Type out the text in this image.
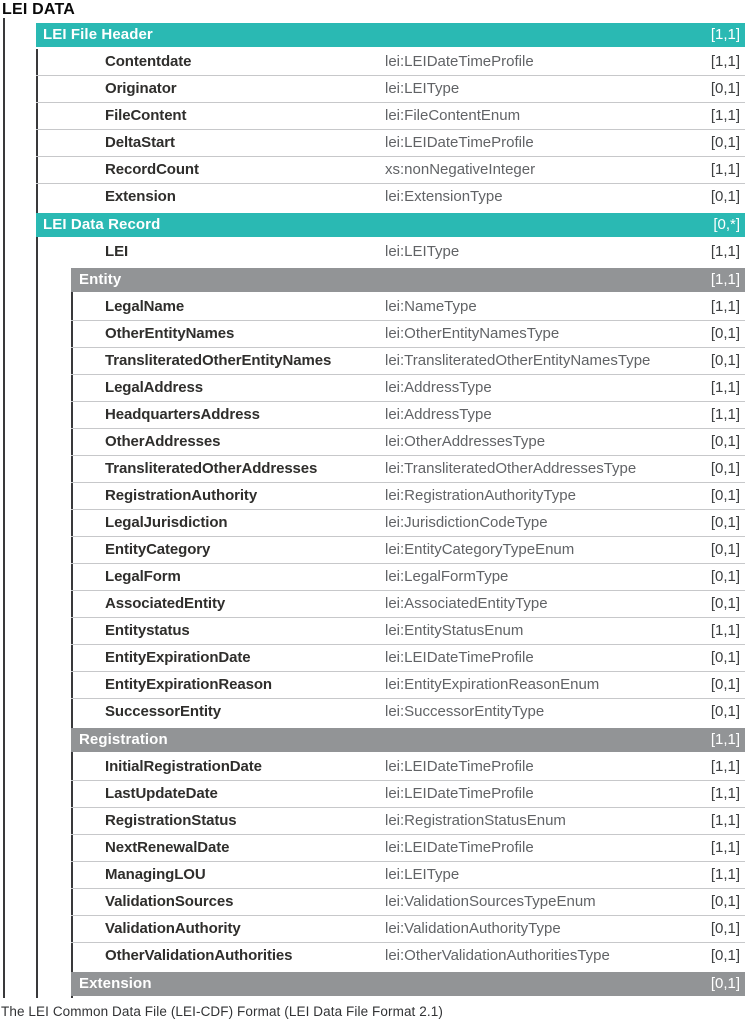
LEI DATA
LEI File Header	[1,1]
Contentdate	lei:LEIDateTimeProfile	[1,1]
Originator	lei:LEIType	[0,1]
FileContent	lei:FileContentEnum	[1,1]
DeltaStart	lei:LEIDateTimeProfile	[0,1]
RecordCount	xs:nonNegativeInteger	[1,1]
Extension	lei:ExtensionType	[0,1]
LEI Data Record	[0,*]
LEI	lei:LEIType	[1,1]
Entity	[1,1]
LegalName	lei:NameType	[1,1]
OtherEntityNames	lei:OtherEntityNamesType	[0,1]
TransliteratedOtherEntityNames	lei:TransliteratedOtherEntityNamesType	[0,1]
LegalAddress	lei:AddressType	[1,1]
HeadquartersAddress	lei:AddressType	[1,1]
OtherAddresses	lei:OtherAddressesType	[0,1]
TransliteratedOtherAddresses	lei:TransliteratedOtherAddressesType	[0,1]
RegistrationAuthority	lei:RegistrationAuthorityType	[0,1]
LegalJurisdiction	lei:JurisdictionCodeType	[0,1]
EntityCategory	lei:EntityCategoryTypeEnum	[0,1]
LegalForm	lei:LegalFormType	[0,1]
AssociatedEntity	lei:AssociatedEntityType	[0,1]
Entitystatus	lei:EntityStatusEnum	[1,1]
EntityExpirationDate	lei:LEIDateTimeProfile	[0,1]
EntityExpirationReason	lei:EntityExpirationReasonEnum	[0,1]
SuccessorEntity	lei:SuccessorEntityType	[0,1]
Registration	[1,1]
InitialRegistrationDate	lei:LEIDateTimeProfile	[1,1]
LastUpdateDate	lei:LEIDateTimeProfile	[1,1]
RegistrationStatus	lei:RegistrationStatusEnum	[1,1]
NextRenewalDate	lei:LEIDateTimeProfile	[1,1]
ManagingLOU	lei:LEIType	[1,1]
ValidationSources	lei:ValidationSourcesTypeEnum	[0,1]
ValidationAuthority	lei:ValidationAuthorityType	[0,1]
OtherValidationAuthorities	lei:OtherValidationAuthoritiesType	[0,1]
Extension	[0,1]
The LEI Common Data File (LEI-CDF) Format (LEI Data File Format 2.1)
